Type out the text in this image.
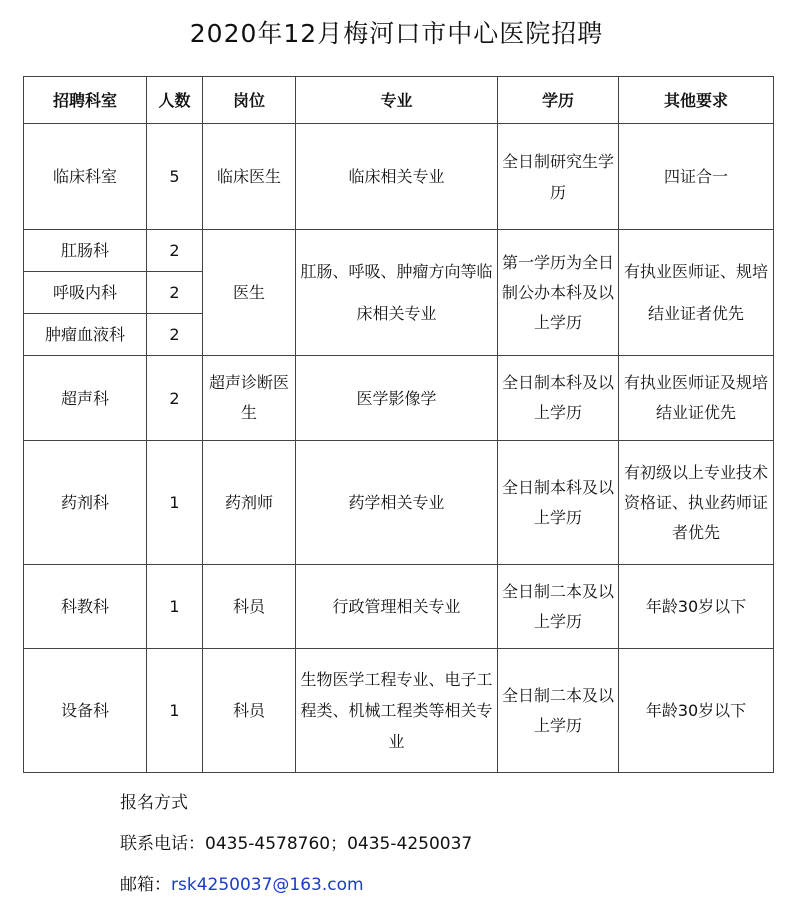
2020年12月梅河口市中心医院招聘
招聘科室	人数	岗位	专业	学历	其他要求
临床科室	5	临床医生	临床相关专业	全日制研究生学历	四证合一
肛肠科	2	医生	肛肠、呼吸、肿瘤方向等临床相关专业	第一学历为全日制公办本科及以上学历	有执业医师证、规培结业证者优先
呼吸内科	2				
肿瘤血液科	2				
超声科	2	超声诊断医生	医学影像学	全日制本科及以上学历	有执业医师证及规培结业证优先
药剂科	1	药剂师	药学相关专业	全日制本科及以上学历	有初级以上专业技术资格证、执业药师证者优先
科教科	1	科员	行政管理相关专业	全日制二本及以上学历	年龄30岁以下
设备科	1	科员	生物医学工程专业、电子工程类、机械工程类等相关专业	全日制二本及以上学历	年龄30岁以下
报名方式
联系电话：0435-4578760；0435-4250037
邮箱：rsk4250037@163.com
